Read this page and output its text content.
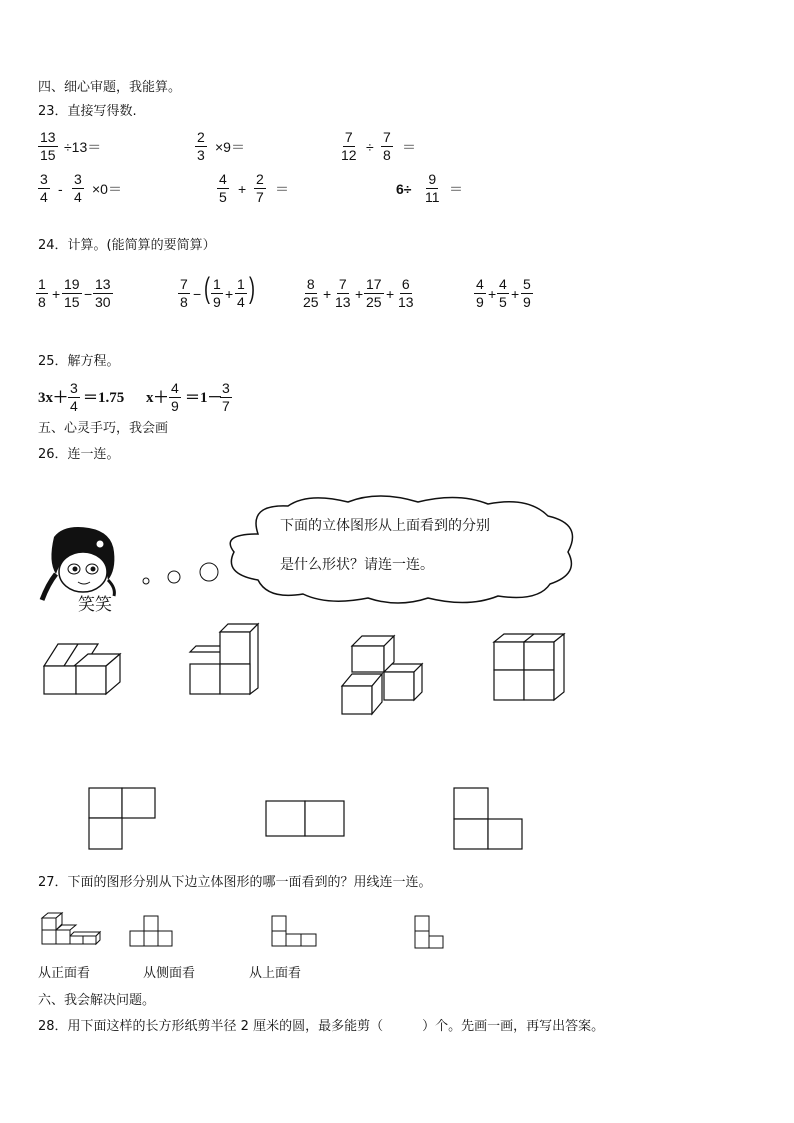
四、细心审题，我能算。
23．直接写得数.
$\frac{13}{15} \div 13=$	$\frac{2}{3} \times 9=$	$\frac{7}{12} \div \frac{7}{8}$ ＝
$\frac{3}{4} - \frac{3}{4} \times 0=$	$\frac{4}{5} + \frac{2}{7}$ ＝	$6\div \frac{9}{11}$ ＝
24．计算。(能简算的要简算）
$\frac{1}{8} + \frac{19}{15} - \frac{13}{30}$	$\frac{7}{8}$ − ( $\frac{1}{9} + \frac{1}{4}$ )	$\frac{8}{25} + \frac{7}{13} + \frac{17}{25} + \frac{6}{13}$	$\frac{4}{9} + \frac{4}{5} + \frac{5}{9}$
25．解方程。
$3x+ \frac{3}{4} =1.75$ $x+ \frac{4}{9} =1-$
$\frac{3}{7}$
五、心灵手巧，我会画
26．连一连。
笑笑
下面的立体图形从上面看到的分别
是什么形状？请连一连。
27．下面的图形分别从下边立体图形的哪一面看到的？用线连一连。
从正面看	从侧面看	从上面看
六、我会解决问题。
28．用下面这样的长方形纸剪半径 2 厘米的圆，最多能剪（　　　）个。先画一画，再写出答案。
